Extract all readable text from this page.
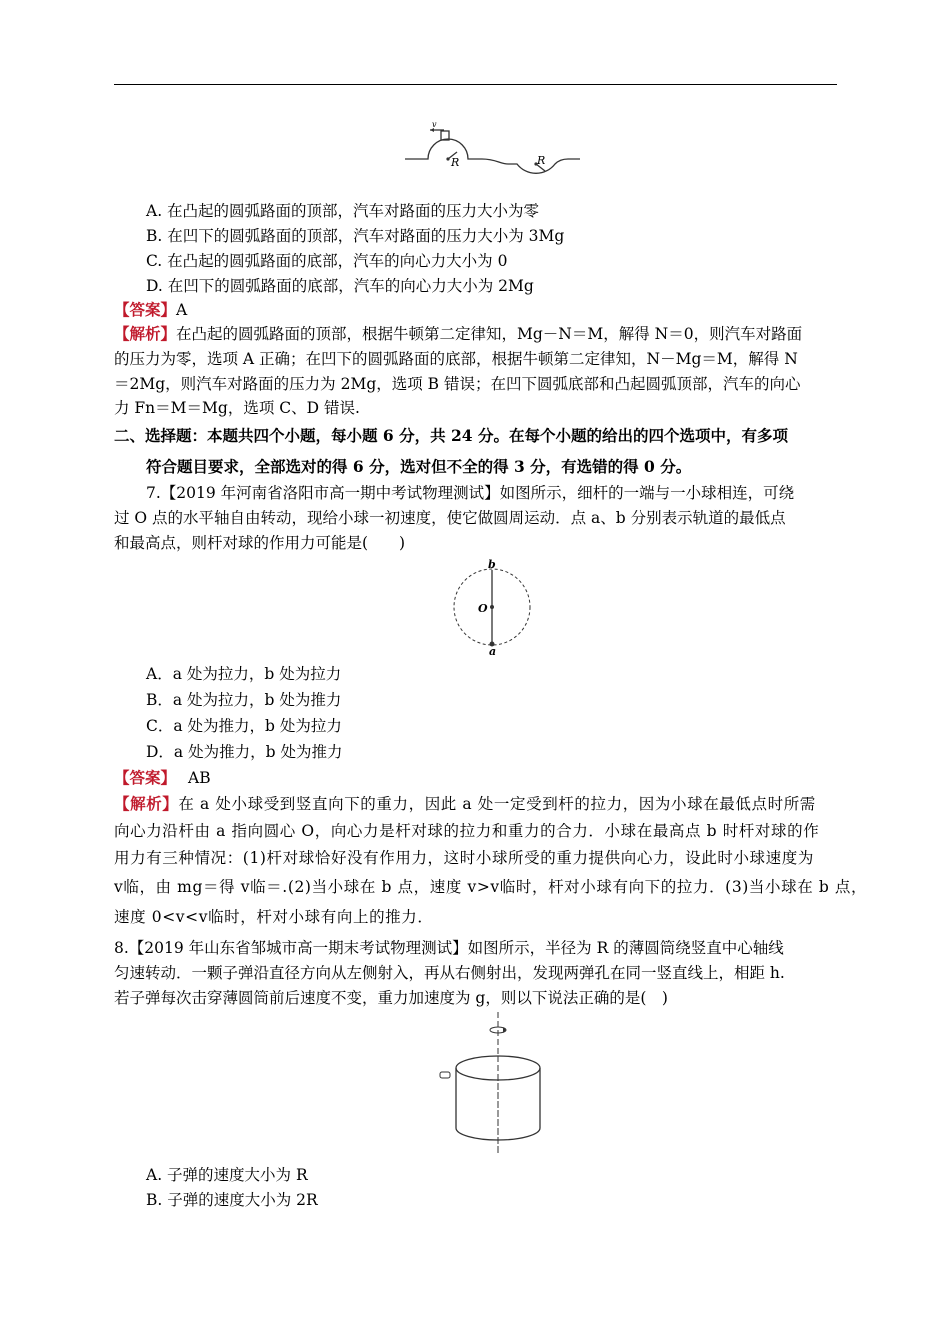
v
R	R
A. 在凸起的圆弧路面的顶部，汽车对路面的压力大小为零
B. 在凹下的圆弧路面的顶部，汽车对路面的压力大小为 3Mg
C. 在凸起的圆弧路面的底部，汽车的向心力大小为 0
D. 在凹下的圆弧路面的底部，汽车的向心力大小为 2Mg
【答案】A
【解析】在凸起的圆弧路面的顶部，根据牛顿第二定律知，Mg－N＝M，解得 N＝0，则汽车对路面
的压力为零，选项 A 正确；在凹下的圆弧路面的底部，根据牛顿第二定律知，N－Mg＝M，解得 N
＝2Mg，则汽车对路面的压力为 2Mg，选项 B 错误；在凹下圆弧底部和凸起圆弧顶部，汽车的向心
力 Fn＝M＝Mg，选项 C、D 错误.
二、选择题：本题共四个小题，每小题 6 分，共 24 分。在每个小题的给出的四个选项中，有多项
符合题目要求，全部选对的得 6 分，选对但不全的得 3 分，有选错的得 0 分。
7.【2019 年河南省洛阳市高一期中考试物理测试】如图所示，细杆的一端与一小球相连，可绕
过 O 点的水平轴自由转动，现给小球一初速度，使它做圆周运动．点 a、b 分别表示轨道的最低点
和最高点，则杆对球的作用力可能是(　　)
b
O
a
A．a 处为拉力，b 处为拉力
B．a 处为拉力，b 处为推力
C．a 处为推力，b 处为拉力
D．a 处为推力，b 处为推力
【答案】 AB
【解析】在 a 处小球受到竖直向下的重力，因此 a 处一定受到杆的拉力，因为小球在最低点时所需
向心力沿杆由 a 指向圆心 O，向心力是杆对球的拉力和重力的合力．小球在最高点 b 时杆对球的作
用力有三种情况：(1)杆对球恰好没有作用力，这时小球所受的重力提供向心力，设此时小球速度为
v临，由 mg＝得 v临＝.(2)当小球在 b 点，速度 v>v临时，杆对小球有向下的拉力．(3)当小球在 b 点，
速度 0<v<v临时，杆对小球有向上的推力．
8.【2019 年山东省邹城市高一期末考试物理测试】如图所示，半径为 R 的薄圆筒绕竖直中心轴线
匀速转动．一颗子弹沿直径方向从左侧射入，再从右侧射出，发现两弹孔在同一竖直线上，相距 h.
若子弹每次击穿薄圆筒前后速度不变，重力加速度为 g，则以下说法正确的是(　)
A. 子弹的速度大小为 R
B. 子弹的速度大小为 2R
